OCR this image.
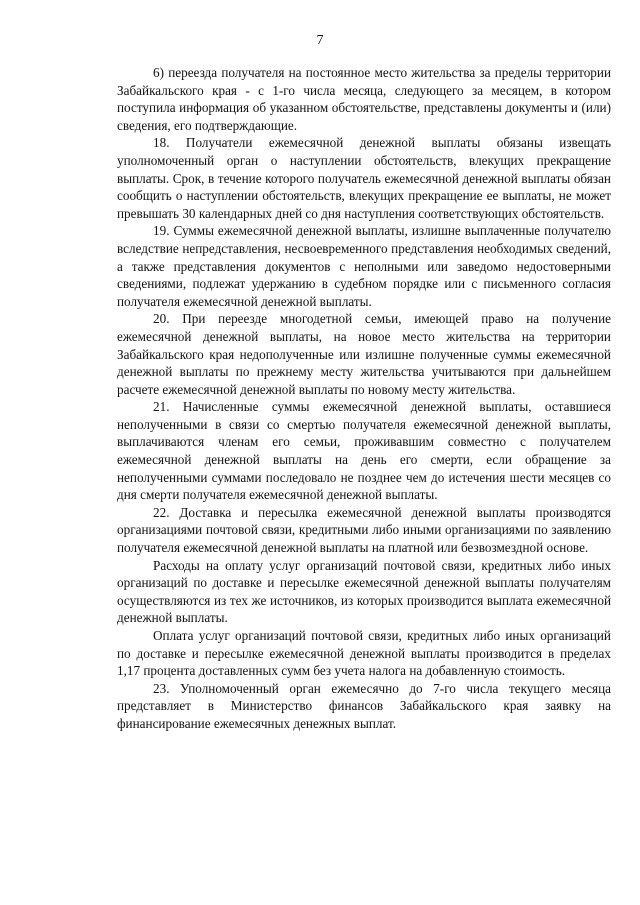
7

6) переезда получателя на постоянное место жительства за пределы территории Забайкальского края - с 1-го числа месяца, следующего за месяцем, в котором поступила информация об указанном обстоятельстве, представлены документы и (или) сведения, его подтверждающие.

18. Получатели ежемесячной денежной выплаты обязаны извещать уполномоченный орган о наступлении обстоятельств, влекущих прекращение выплаты. Срок, в течение которого получатель ежемесячной денежной выплаты обязан сообщить о наступлении обстоятельств, влекущих прекращение ее выплаты, не может превышать 30 календарных дней со дня наступления соответствующих обстоятельств.

19. Суммы ежемесячной денежной выплаты, излишне выплаченные получателю вследствие непредставления, несвоевременного представления необходимых сведений, а также представления документов с неполными или заведомо недостоверными сведениями, подлежат удержанию в судебном порядке или с письменного согласия получателя ежемесячной денежной выплаты.

20. При переезде многодетной семьи, имеющей право на получение ежемесячной денежной выплаты, на новое место жительства на территории Забайкальского края недополученные или излишне полученные суммы ежемесячной денежной выплаты по прежнему месту жительства учитываются при дальнейшем расчете ежемесячной денежной выплаты по новому месту жительства.

21. Начисленные суммы ежемесячной денежной выплаты, оставшиеся неполученными в связи со смертью получателя ежемесячной денежной выплаты, выплачиваются членам его семьи, проживавшим совместно с получателем ежемесячной денежной выплаты на день его смерти, если обращение за неполученными суммами последовало не позднее чем до истечения шести месяцев со дня смерти получателя ежемесячной денежной выплаты.

22. Доставка и пересылка ежемесячной денежной выплаты производятся организациями почтовой связи, кредитными либо иными организациями по заявлению получателя ежемесячной денежной выплаты на платной или безвозмездной основе.

Расходы на оплату услуг организаций почтовой связи, кредитных либо иных организаций по доставке и пересылке ежемесячной денежной выплаты получателям осуществляются из тех же источников, из которых производится выплата ежемесячной денежной выплаты.

Оплата услуг организаций почтовой связи, кредитных либо иных организаций по доставке и пересылке ежемесячной денежной выплаты производится в пределах 1,17 процента доставленных сумм без учета налога на добавленную стоимость.

23. Уполномоченный орган ежемесячно до 7-го числа текущего месяца представляет в Министерство финансов Забайкальского края заявку на финансирование ежемесячных денежных выплат.
